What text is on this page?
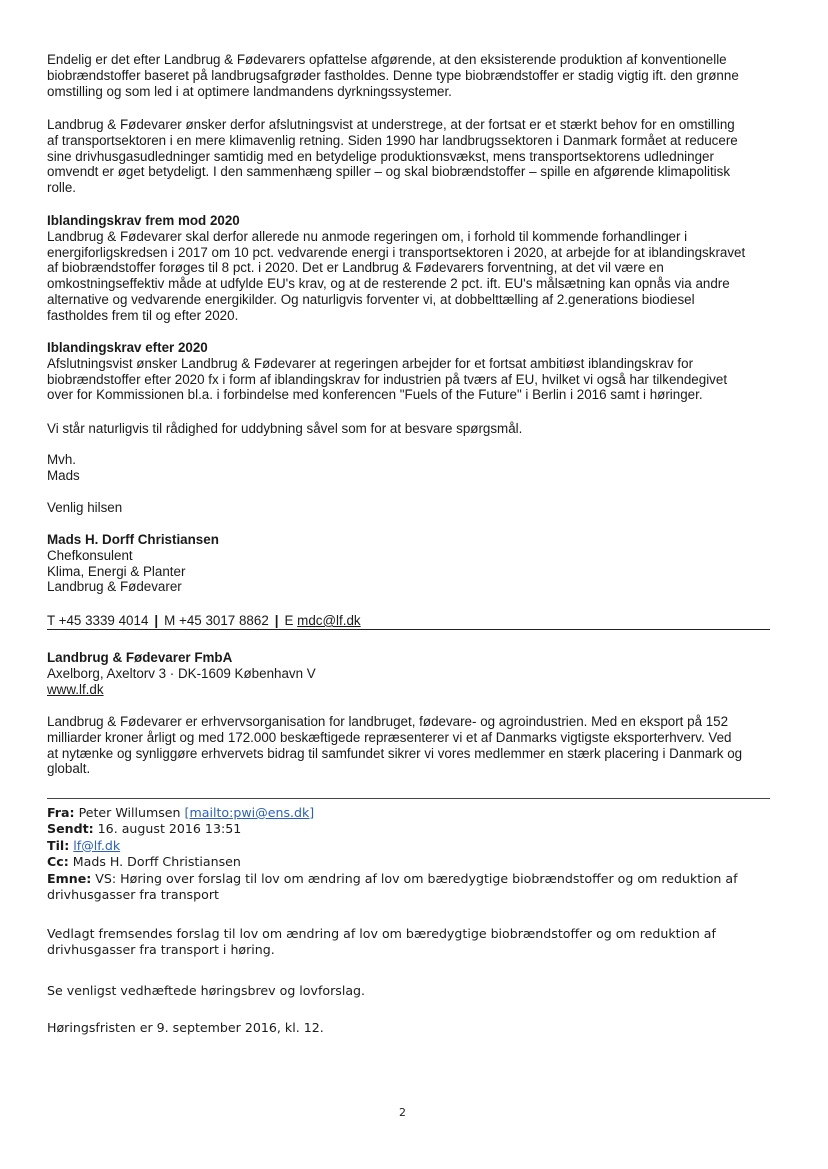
Endelig er det efter Landbrug & Fødevarers opfattelse afgørende, at den eksisterende produktion af konventionelle
biobrændstoffer baseret på landbrugsafgrøder fastholdes. Denne type biobrændstoffer er stadig vigtig ift. den grønne
omstilling og som led i at optimere landmandens dyrkningssystemer.
Landbrug & Fødevarer ønsker derfor afslutningsvist at understrege, at der fortsat er et stærkt behov for en omstilling
af transportsektoren i en mere klimavenlig retning. Siden 1990 har landbrugssektoren i Danmark formået at reducere
sine drivhusgasudledninger samtidig med en betydelige produktionsvækst, mens transportsektorens udledninger
omvendt er øget betydeligt. I den sammenhæng spiller – og skal biobrændstoffer – spille en afgørende klimapolitisk
rolle.
Iblandingskrav frem mod 2020
Landbrug & Fødevarer skal derfor allerede nu anmode regeringen om, i forhold til kommende forhandlinger i
energiforligskredsen i 2017 om 10 pct. vedvarende energi i transportsektoren i 2020, at arbejde for at iblandingskravet
af biobrændstoffer forøges til 8 pct. i 2020. Det er Landbrug & Fødevarers forventning, at det vil være en
omkostningseffektiv måde at udfylde EU's krav, og at de resterende 2 pct. ift. EU's målsætning kan opnås via andre
alternative og vedvarende energikilder. Og naturligvis forventer vi, at dobbelttælling af 2.generations biodiesel
fastholdes frem til og efter 2020.
Iblandingskrav efter 2020
Afslutningsvist ønsker Landbrug & Fødevarer at regeringen arbejder for et fortsat ambitiøst iblandingskrav for
biobrændstoffer efter 2020 fx i form af iblandingskrav for industrien på tværs af EU, hvilket vi også har tilkendegivet
over for Kommissionen bl.a. i forbindelse med konferencen "Fuels of the Future" i Berlin i 2016 samt i høringer.
Vi står naturligvis til rådighed for uddybning såvel som for at besvare spørgsmål.
Mvh.
Mads
Venlig hilsen
Mads H. Dorff Christiansen
Chefkonsulent
Klima, Energi & Planter
Landbrug & Fødevarer
T +45 3339 4014 | M +45 3017 8862 | E mdc@lf.dk
Landbrug & Fødevarer FmbA
Axelborg, Axeltorv 3 · DK-1609 København V
www.lf.dk
Landbrug & Fødevarer er erhvervsorganisation for landbruget, fødevare- og agroindustrien. Med en eksport på 152
milliarder kroner årligt og med 172.000 beskæftigede repræsenterer vi et af Danmarks vigtigste eksporterhverv. Ved
at nytænke og synliggøre erhvervets bidrag til samfundet sikrer vi vores medlemmer en stærk placering i Danmark og
globalt.
Fra: Peter Willumsen [mailto:pwi@ens.dk]
Sendt: 16. august 2016 13:51
Til: lf@lf.dk
Cc: Mads H. Dorff Christiansen
Emne: VS: Høring over forslag til lov om ændring af lov om bæredygtige biobrændstoffer og om reduktion af
drivhusgasser fra transport
Vedlagt fremsendes forslag til lov om ændring af lov om bæredygtige biobrændstoffer og om reduktion af
drivhusgasser fra transport i høring.
Se venligst vedhæftede høringsbrev og lovforslag.
Høringsfristen er 9. september 2016, kl. 12.
2
